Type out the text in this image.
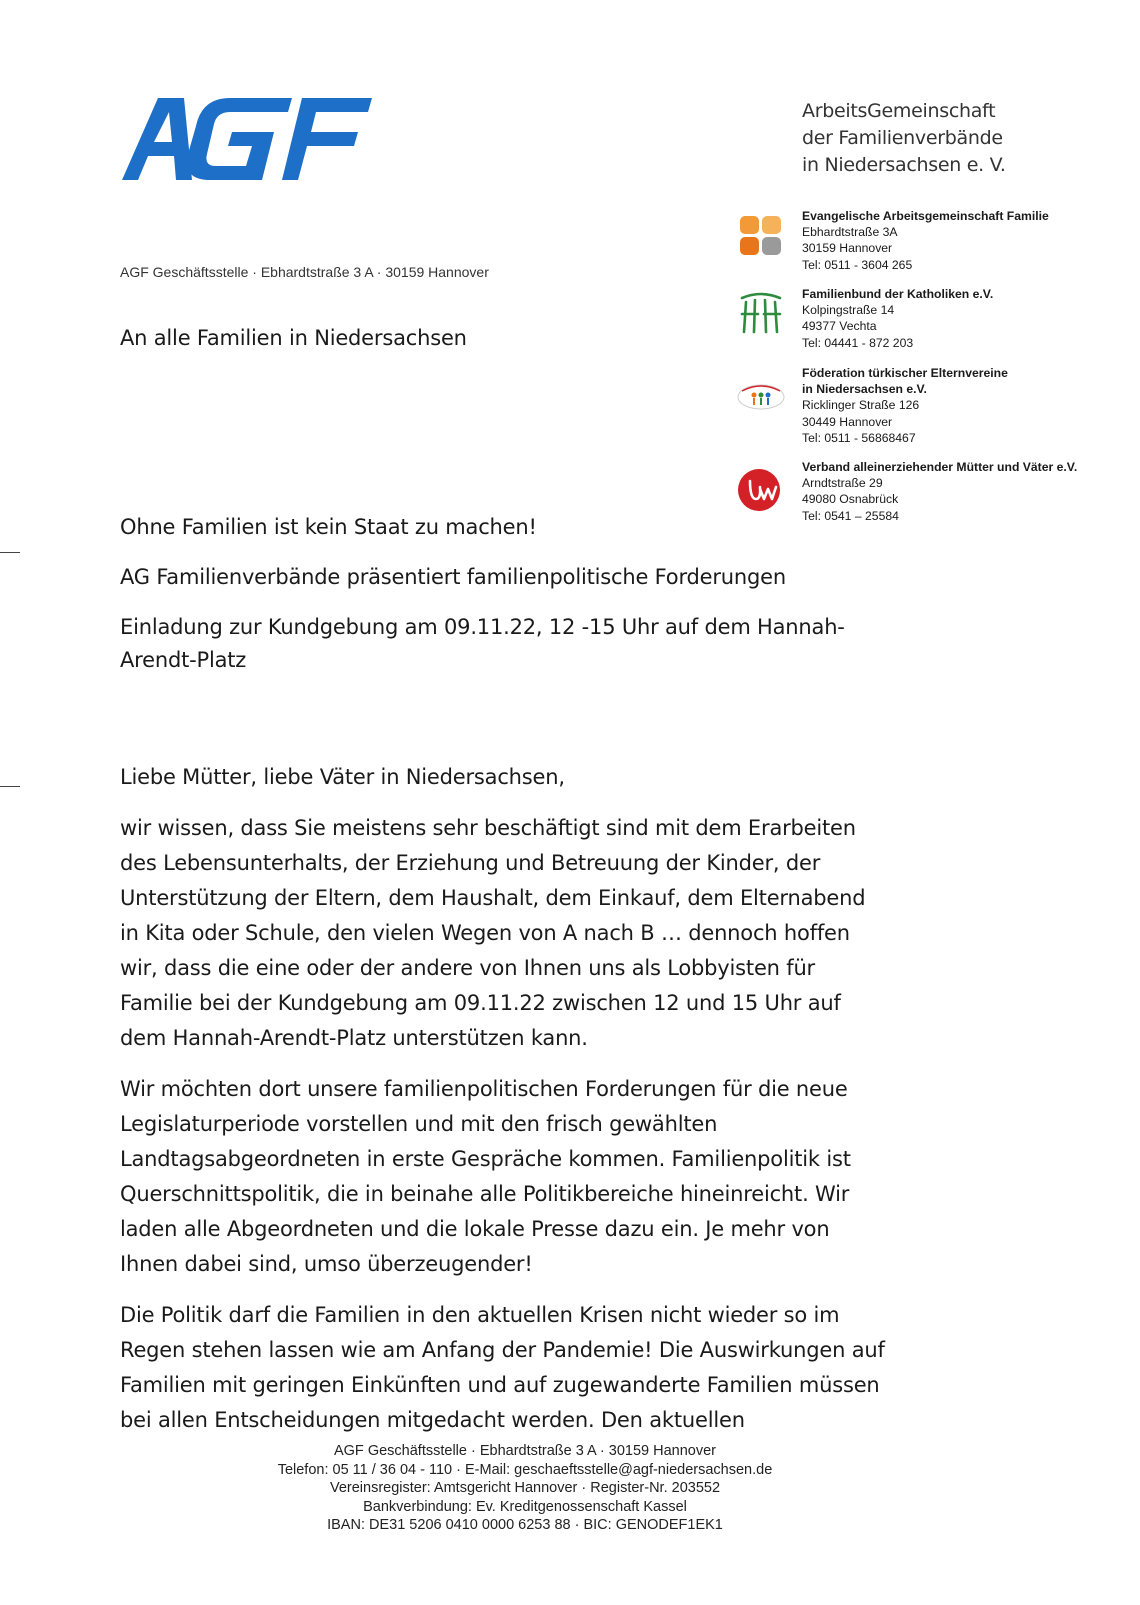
ArbeitsGemeinschaft
der Familienverbände
in Niedersachsen e. V.
Evangelische Arbeitsgemeinschaft Familie
Ebhardtstraße 3A
30159 Hannover
Tel: 0511 - 3604 265
Familienbund der Katholiken e.V.
Kolpingstraße 14
49377 Vechta
Tel: 04441 - 872 203
Föderation türkischer Elternvereine
in Niedersachsen e.V.
Ricklinger Straße 126
30449 Hannover
Tel: 0511 - 56868467
Verband alleinerziehender Mütter und Väter e.V.
Arndtstraße 29
49080 Osnabrück
Tel: 0541 – 25584
AGF Geschäftsstelle · Ebhardtstraße 3 A · 30159 Hannover
An alle Familien in Niedersachsen
Ohne Familien ist kein Staat zu machen!
AG Familienverbände präsentiert familienpolitische Forderungen
Einladung zur Kundgebung am 09.11.22, 12 -15 Uhr auf dem Hannah-
Arendt-Platz

Liebe Mütter, liebe Väter in Niedersachsen,

wir wissen, dass Sie meistens sehr beschäftigt sind mit dem Erarbeiten
des Lebensunterhalts, der Erziehung und Betreuung der Kinder, der
Unterstützung der Eltern, dem Haushalt, dem Einkauf, dem Elternabend
in Kita oder Schule, den vielen Wegen von A nach B … dennoch hoffen
wir, dass die eine oder der andere von Ihnen uns als Lobbyisten für
Familie bei der Kundgebung am 09.11.22 zwischen 12 und 15 Uhr auf
dem Hannah-Arendt-Platz unterstützen kann.

Wir möchten dort unsere familienpolitischen Forderungen für die neue
Legislaturperiode vorstellen und mit den frisch gewählten
Landtagsabgeordneten in erste Gespräche kommen. Familienpolitik ist
Querschnittspolitik, die in beinahe alle Politikbereiche hineinreicht. Wir
laden alle Abgeordneten und die lokale Presse dazu ein. Je mehr von
Ihnen dabei sind, umso überzeugender!

Die Politik darf die Familien in den aktuellen Krisen nicht wieder so im
Regen stehen lassen wie am Anfang der Pandemie! Die Auswirkungen auf
Familien mit geringen Einkünften und auf zugewanderte Familien müssen
bei allen Entscheidungen mitgedacht werden. Den aktuellen

AGF Geschäftsstelle · Ebhardtstraße 3 A · 30159 Hannover
Telefon: 05 11 / 36 04 - 110 · E-Mail: geschaeftsstelle@agf-niedersachsen.de
Vereinsregister: Amtsgericht Hannover · Register-Nr. 203552
Bankverbindung: Ev. Kreditgenossenschaft Kassel
IBAN: DE31 5206 0410 0000 6253 88 · BIC: GENODEF1EK1
